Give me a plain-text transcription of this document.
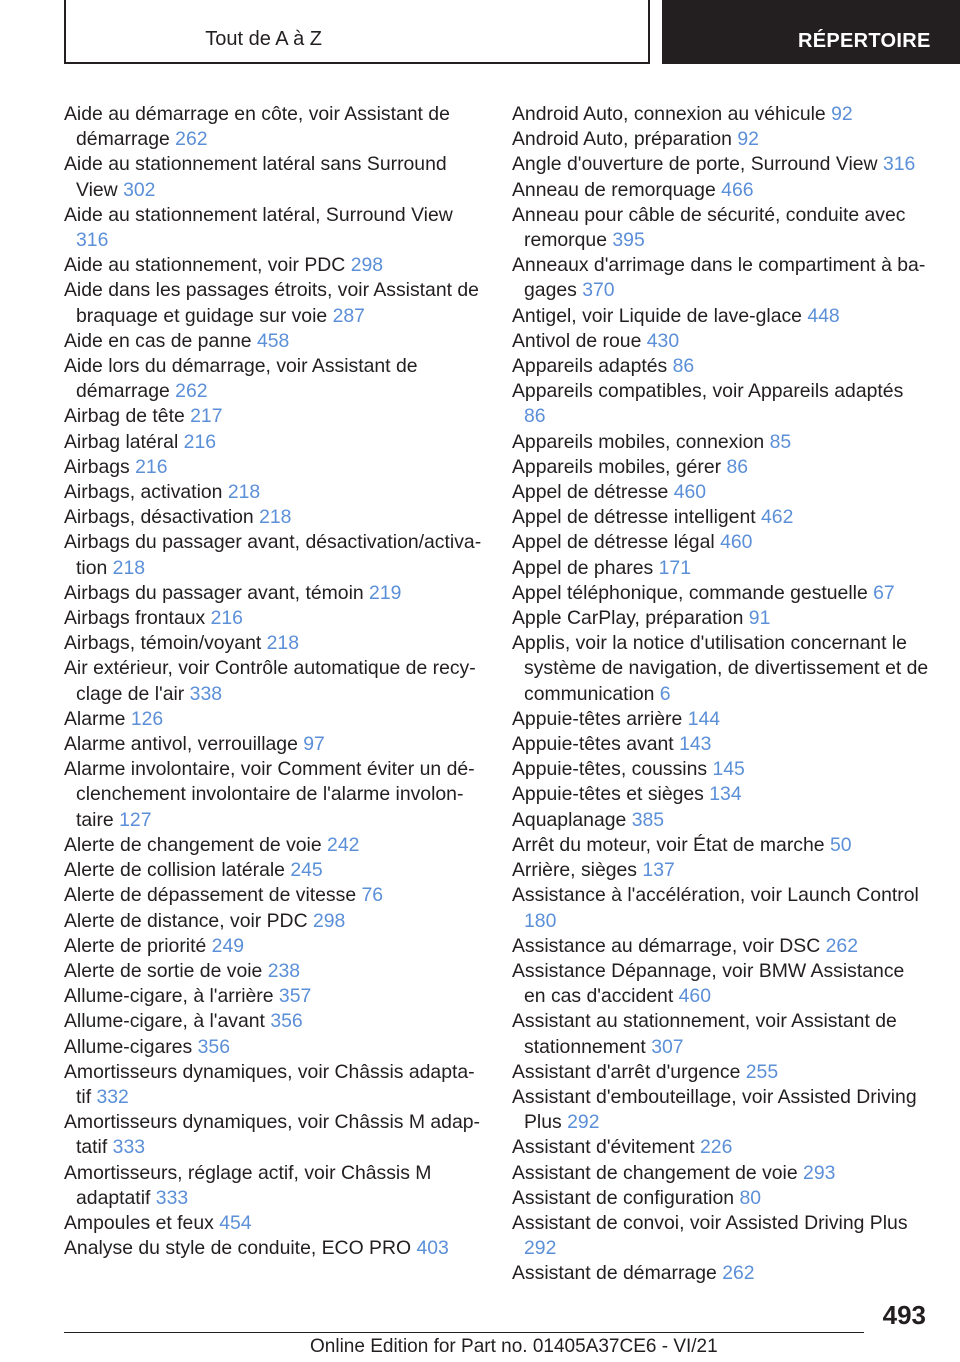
Tout de A à Z	RÉPERTOIRE

Aide au démarrage en côte, voir Assistant de démarrage 262

Aide au stationnement latéral sans Surround View 302

Aide au stationnement latéral, Surround View 316

Aide au stationnement, voir PDC 298

Aide dans les passages étroits, voir Assistant de braquage et guidage sur voie 287

Aide en cas de panne 458

Aide lors du démarrage, voir Assistant de démarrage 262

Airbag de tête 217

Airbag latéral 216

Airbags 216

Airbags, activation 218

Airbags, désactivation 218

Airbags du passager avant, désactivation/activation 218

Airbags du passager avant, témoin 219

Airbags frontaux 216

Airbags, témoin/voyant 218

Air extérieur, voir Contrôle automatique de recyclage de l'air 338

Alarme 126

Alarme antivol, verrouillage 97

Alarme involontaire, voir Comment éviter un déclenchement involontaire de l'alarme involontaire 127

Alerte de changement de voie 242

Alerte de collision latérale 245

Alerte de dépassement de vitesse 76

Alerte de distance, voir PDC 298

Alerte de priorité 249

Alerte de sortie de voie 238

Allume-cigare, à l'arrière 357

Allume-cigare, à l'avant 356

Allume-cigares 356

Amortisseurs dynamiques, voir Châssis adaptatif 332

Amortisseurs dynamiques, voir Châssis M adaptatif 333

Amortisseurs, réglage actif, voir Châssis M adaptatif 333

Ampoules et feux 454

Analyse du style de conduite, ECO PRO 403

Android Auto, connexion au véhicule 92

Android Auto, préparation 92

Angle d'ouverture de porte, Surround View 316

Anneau de remorquage 466

Anneau pour câble de sécurité, conduite avec remorque 395

Anneaux d'arrimage dans le compartiment à bagages 370

Antigel, voir Liquide de lave-glace 448

Antivol de roue 430

Appareils adaptés 86

Appareils compatibles, voir Appareils adaptés 86

Appareils mobiles, connexion 85

Appareils mobiles, gérer 86

Appel de détresse 460

Appel de détresse intelligent 462

Appel de détresse légal 460

Appel de phares 171

Appel téléphonique, commande gestuelle 67

Apple CarPlay, préparation 91

Applis, voir la notice d'utilisation concernant le système de navigation, de divertissement et de communication 6

Appuie-têtes arrière 144

Appuie-têtes avant 143

Appuie-têtes, coussins 145

Appuie-têtes et sièges 134

Aquaplanage 385

Arrêt du moteur, voir État de marche 50

Arrière, sièges 137

Assistance à l'accélération, voir Launch Control 180

Assistance au démarrage, voir DSC 262

Assistance Dépannage, voir BMW Assistance en cas d'accident 460

Assistant au stationnement, voir Assistant de stationnement 307

Assistant d'arrêt d'urgence 255

Assistant d'embouteillage, voir Assisted Driving Plus 292

Assistant d'évitement 226

Assistant de changement de voie 293

Assistant de configuration 80

Assistant de convoi, voir Assisted Driving Plus 292

Assistant de démarrage 262

493
Online Edition for Part no. 01405A37CE6 - VI/21
